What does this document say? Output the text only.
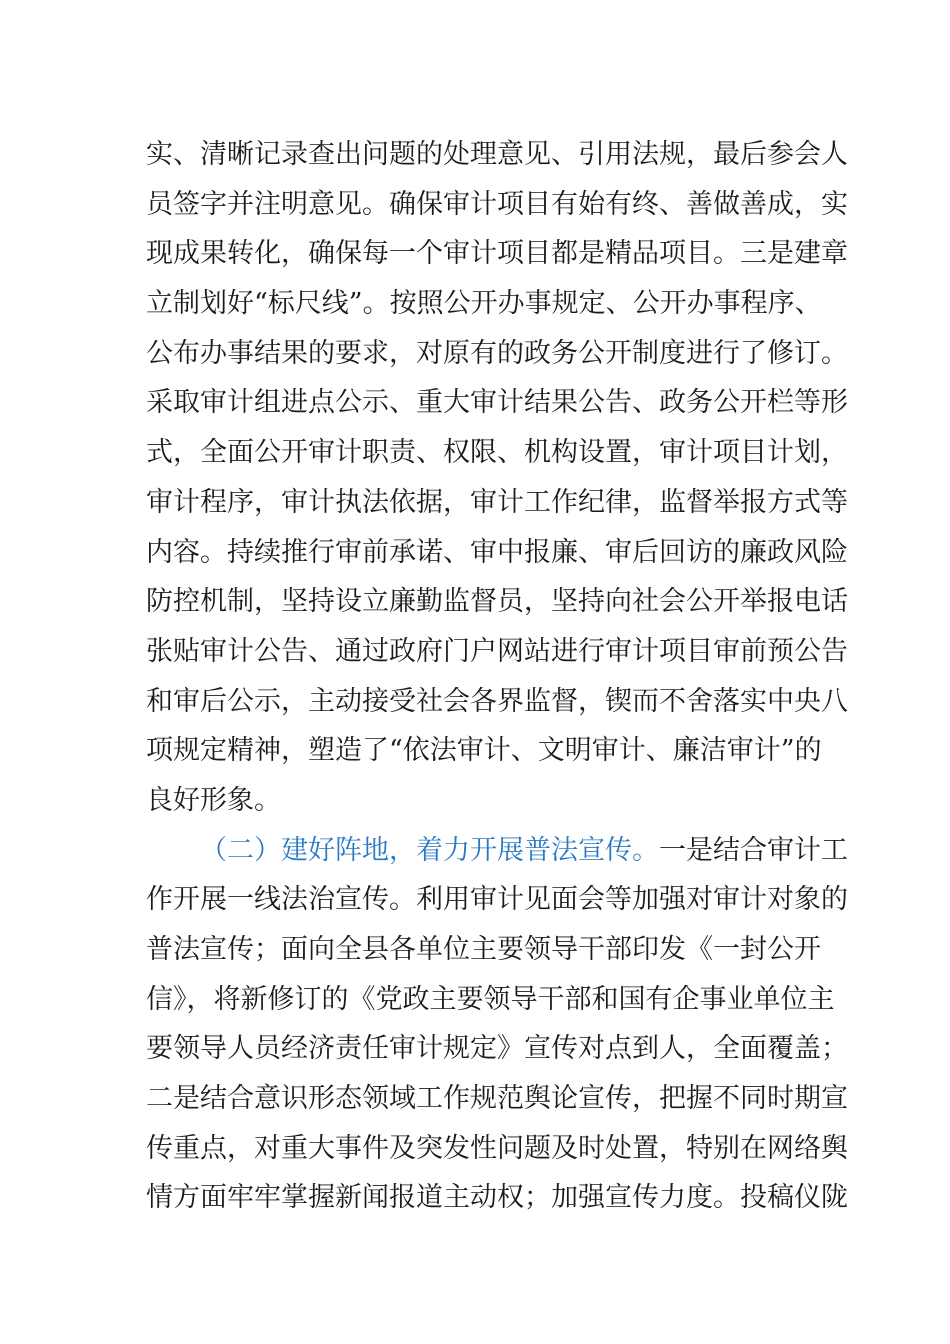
实、清晰记录查出问题的处理意见、引用法规，最后参会人
员签字并注明意见。确保审计项目有始有终、善做善成，实
现成果转化，确保每一个审计项目都是精品项目。三是建章
立制划好“标尺线”。按照公开办事规定、公开办事程序、
公布办事结果的要求，对原有的政务公开制度进行了修订。
采取审计组进点公示、重大审计结果公告、政务公开栏等形
式，全面公开审计职责、权限、机构设置，审计项目计划，
审计程序，审计执法依据，审计工作纪律，监督举报方式等
内容。持续推行审前承诺、审中报廉、审后回访的廉政风险
防控机制，坚持设立廉勤监督员，坚持向社会公开举报电话
张贴审计公告、通过政府门户网站进行审计项目审前预公告
和审后公示，主动接受社会各界监督，锲而不舍落实中央八
项规定精神，塑造了“依法审计、文明审计、廉洁审计”的
良好形象。
（二）建好阵地，着力开展普法宣传。一是结合审计工
作开展一线法治宣传。利用审计见面会等加强对审计对象的
普法宣传；面向全县各单位主要领导干部印发《一封公开
信》，将新修订的《党政主要领导干部和国有企事业单位主
要领导人员经济责任审计规定》宣传对点到人，全面覆盖；
二是结合意识形态领域工作规范舆论宣传，把握不同时期宣
传重点，对重大事件及突发性问题及时处置，特别在网络舆
情方面牢牢掌握新闻报道主动权；加强宣传力度。投稿仪陇
